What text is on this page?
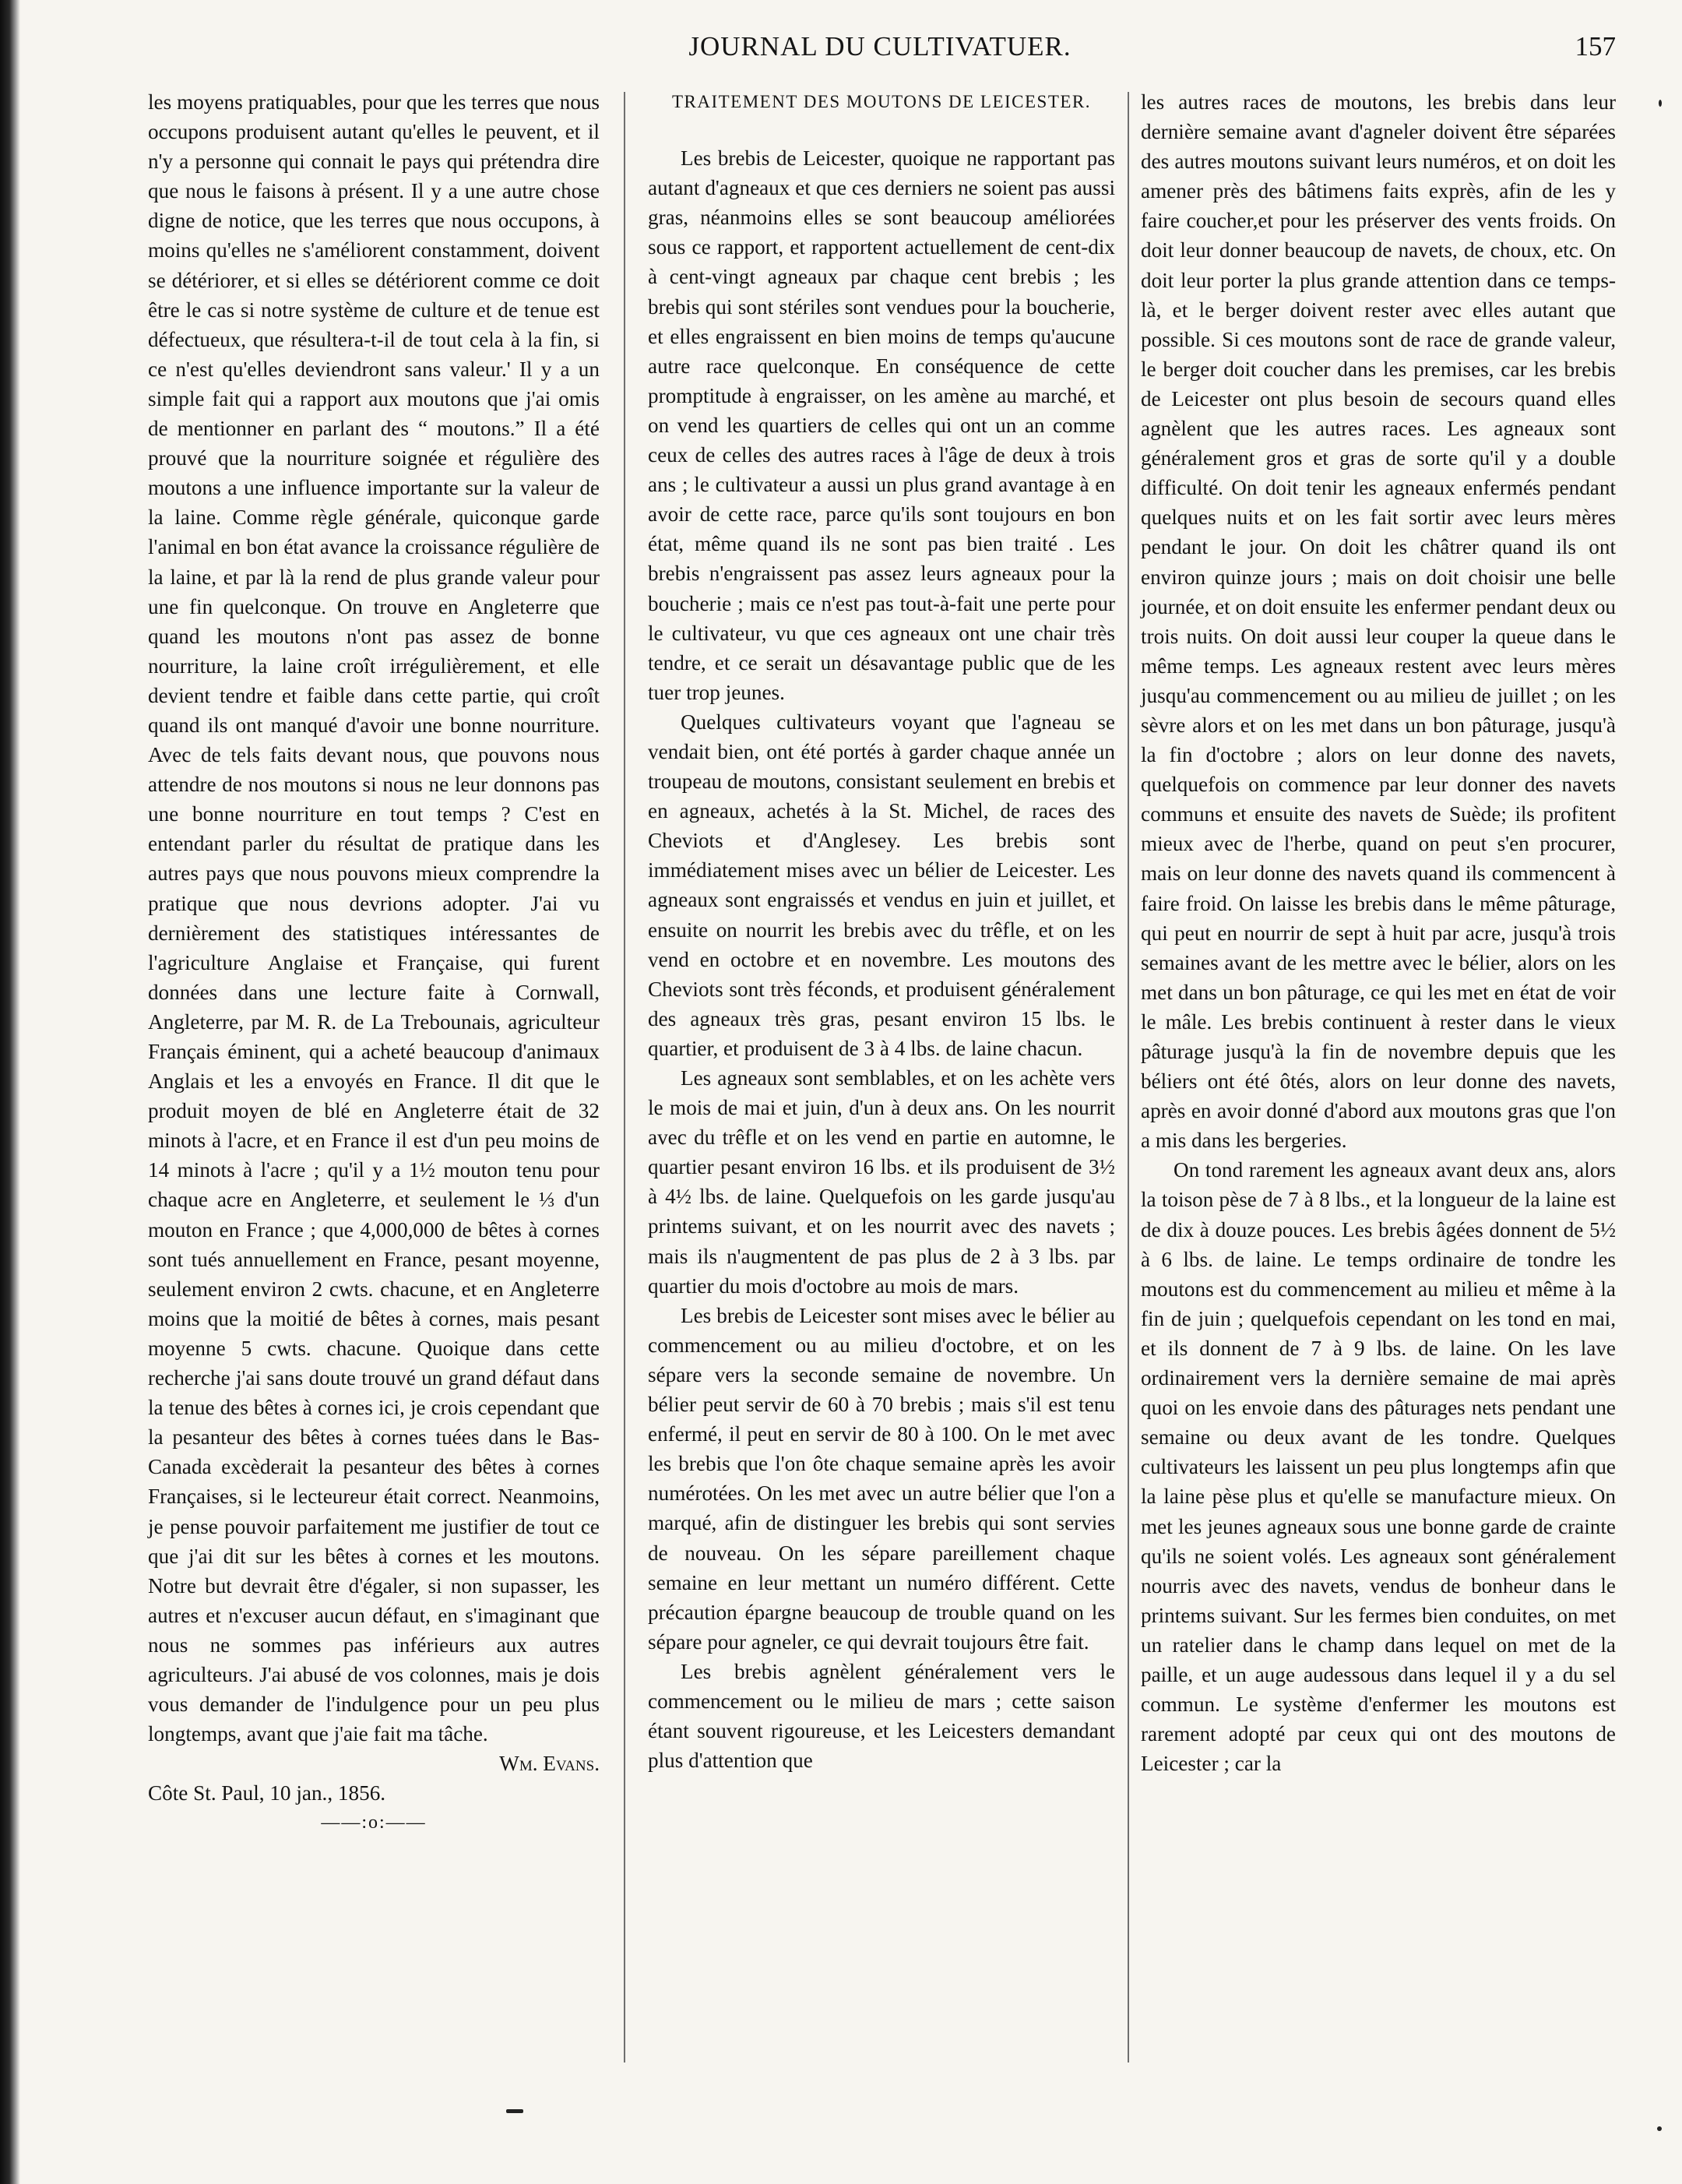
JOURNAL DU CULTIVATUER.	157

les moyens pratiquables, pour que les terres que nous occupons produisent autant qu'elles le peuvent, et il n'y a personne qui connait le pays qui prétendra dire que nous le faisons à présent. Il y a une autre chose digne de notice, que les terres que nous occupons, à moins qu'elles ne s'améliorent constamment, doivent se détériorer, et si elles se détériorent comme ce doit être le cas si notre système de culture et de tenue est défectueux, que résultera-t-il de tout cela à la fin, si ce n'est qu'elles deviendront sans valeur.' Il y a un simple fait qui a rapport aux moutons que j'ai omis de mentionner en parlant des “ moutons.” Il a été prouvé que la nourriture soignée et régulière des moutons a une influence importante sur la valeur de la laine. Comme règle générale, quiconque garde l'animal en bon état avance la croissance régulière de la laine, et par là la rend de plus grande valeur pour une fin quelconque. On trouve en Angleterre que quand les moutons n'ont pas assez de bonne nourriture, la laine croît irrégulièrement, et elle devient tendre et faible dans cette partie, qui croît quand ils ont manqué d'avoir une bonne nourriture. Avec de tels faits devant nous, que pouvons nous attendre de nos moutons si nous ne leur donnons pas une bonne nourriture en tout temps ? C'est en entendant parler du résultat de pratique dans les autres pays que nous pouvons mieux comprendre la pratique que nous devrions adopter. J'ai vu dernièrement des statistiques intéressantes de l'agriculture Anglaise et Française, qui furent données dans une lecture faite à Cornwall, Angleterre, par M. R. de La Trebounais, agriculteur Français éminent, qui a acheté beaucoup d'animaux Anglais et les a envoyés en France. Il dit que le produit moyen de blé en Angleterre était de 32 minots à l'acre, et en France il est d'un peu moins de 14 minots à l'acre ; qu'il y a 1½ mouton tenu pour chaque acre en Angleterre, et seulement le ⅓ d'un mouton en France ; que 4,000,000 de bêtes à cornes sont tués annuellement en France, pesant moyenne, seulement environ 2 cwts. chacune, et en Angleterre moins que la moitié de bêtes à cornes, mais pesant moyenne 5 cwts. chacune. Quoique dans cette recherche j'ai sans doute trouvé un grand défaut dans la tenue des bêtes à cornes ici, je crois cependant que la pesanteur des bêtes à cornes tuées dans le Bas-Canada excèderait la pesanteur des bêtes à cornes Françaises, si le lecteureur était correct. Neanmoins, je pense pouvoir parfaitement me justifier de tout ce que j'ai dit sur les bêtes à cornes et les moutons. Notre but devrait être d'égaler, si non supasser, les autres et n'excuser aucun défaut, en s'imaginant que nous ne sommes pas inférieurs aux autres agriculteurs. J'ai abusé de vos colonnes, mais je dois vous demander de l'indulgence pour un peu plus longtemps, avant que j'aie fait ma tâche.

Wm. Evans.

Côte St. Paul, 10 jan., 1856.

——:o:——

TRAITEMENT DES MOUTONS DE LEICESTER.

Les brebis de Leicester, quoique ne rapportant pas autant d'agneaux et que ces derniers ne soient pas aussi gras, néanmoins elles se sont beaucoup améliorées sous ce rapport, et rapportent actuellement de cent-dix à cent-vingt agneaux par chaque cent brebis ; les brebis qui sont stériles sont vendues pour la boucherie, et elles engraissent en bien moins de temps qu'aucune autre race quelconque. En conséquence de cette promptitude à engraisser, on les amène au marché, et on vend les quartiers de celles qui ont un an comme ceux de celles des autres races à l'âge de deux à trois ans ; le cultivateur a aussi un plus grand avantage à en avoir de cette race, parce qu'ils sont toujours en bon état, même quand ils ne sont pas bien traité . Les brebis n'engraissent pas assez leurs agneaux pour la boucherie ; mais ce n'est pas tout-à-fait une perte pour le cultivateur, vu que ces agneaux ont une chair très tendre, et ce serait un désavantage public que de les tuer trop jeunes.

Quelques cultivateurs voyant que l'agneau se vendait bien, ont été portés à garder chaque année un troupeau de moutons, consistant seulement en brebis et en agneaux, achetés à la St. Michel, de races des Cheviots et d'Anglesey. Les brebis sont immédiatement mises avec un bélier de Leicester. Les agneaux sont engraissés et vendus en juin et juillet, et ensuite on nourrit les brebis avec du trêfle, et on les vend en octobre et en novembre. Les moutons des Cheviots sont très féconds, et produisent généralement des agneaux très gras, pesant environ 15 lbs. le quartier, et produisent de 3 à 4 lbs. de laine chacun.

Les agneaux sont semblables, et on les achète vers le mois de mai et juin, d'un à deux ans. On les nourrit avec du trêfle et on les vend en partie en automne, le quartier pesant environ 16 lbs. et ils produisent de 3½ à 4½ lbs. de laine. Quelquefois on les garde jusqu'au printems suivant, et on les nourrit avec des navets ; mais ils n'augmentent de pas plus de 2 à 3 lbs. par quartier du mois d'octobre au mois de mars.

Les brebis de Leicester sont mises avec le bélier au commencement ou au milieu d'octobre, et on les sépare vers la seconde semaine de novembre. Un bélier peut servir de 60 à 70 brebis ; mais s'il est tenu enfermé, il peut en servir de 80 à 100. On le met avec les brebis que l'on ôte chaque semaine après les avoir numérotées. On les met avec un autre bélier que l'on a marqué, afin de distinguer les brebis qui sont servies de nouveau. On les sépare pareillement chaque semaine en leur mettant un numéro différent. Cette précaution épargne beaucoup de trouble quand on les sépare pour agneler, ce qui devrait toujours être fait.

Les brebis agnèlent généralement vers le commencement ou le milieu de mars ; cette saison étant souvent rigoureuse, et les Leicesters demandant plus d'attention que

les autres races de moutons, les brebis dans leur dernière semaine avant d'agneler doivent être séparées des autres moutons suivant leurs numéros, et on doit les amener près des bâtimens faits exprès, afin de les y faire coucher,et pour les préserver des vents froids. On doit leur donner beaucoup de navets, de choux, etc. On doit leur porter la plus grande attention dans ce temps-là, et le berger doivent rester avec elles autant que possible. Si ces moutons sont de race de grande valeur, le berger doit coucher dans les premises, car les brebis de Leicester ont plus besoin de secours quand elles agnèlent que les autres races. Les agneaux sont généralement gros et gras de sorte qu'il y a double difficulté. On doit tenir les agneaux enfermés pendant quelques nuits et on les fait sortir avec leurs mères pendant le jour. On doit les châtrer quand ils ont environ quinze jours ; mais on doit choisir une belle journée, et on doit ensuite les enfermer pendant deux ou trois nuits. On doit aussi leur couper la queue dans le même temps. Les agneaux restent avec leurs mères jusqu'au commencement ou au milieu de juillet ; on les sèvre alors et on les met dans un bon pâturage, jusqu'à la fin d'octobre ; alors on leur donne des navets, quelquefois on commence par leur donner des navets communs et ensuite des navets de Suède; ils profitent mieux avec de l'herbe, quand on peut s'en procurer, mais on leur donne des navets quand ils commencent à faire froid. On laisse les brebis dans le même pâturage, qui peut en nourrir de sept à huit par acre, jusqu'à trois semaines avant de les mettre avec le bélier, alors on les met dans un bon pâturage, ce qui les met en état de voir le mâle. Les brebis continuent à rester dans le vieux pâturage jusqu'à la fin de novembre depuis que les béliers ont été ôtés, alors on leur donne des navets, après en avoir donné d'abord aux moutons gras que l'on a mis dans les bergeries.

On tond rarement les agneaux avant deux ans, alors la toison pèse de 7 à 8 lbs., et la longueur de la laine est de dix à douze pouces. Les brebis âgées donnent de 5½ à 6 lbs. de laine. Le temps ordinaire de tondre les moutons est du commencement au milieu et même à la fin de juin ; quelquefois cependant on les tond en mai, et ils donnent de 7 à 9 lbs. de laine. On les lave ordinairement vers la dernière semaine de mai après quoi on les envoie dans des pâturages nets pendant une semaine ou deux avant de les tondre. Quelques cultivateurs les laissent un peu plus longtemps afin que la laine pèse plus et qu'elle se manufacture mieux. On met les jeunes agneaux sous une bonne garde de crainte qu'ils ne soient volés. Les agneaux sont généralement nourris avec des navets, vendus de bonheur dans le printems suivant. Sur les fermes bien conduites, on met un ratelier dans le champ dans lequel on met de la paille, et un auge audessous dans lequel il y a du sel commun. Le système d'enfermer les moutons est rarement adopté par ceux qui ont des moutons de Leicester ; car la
